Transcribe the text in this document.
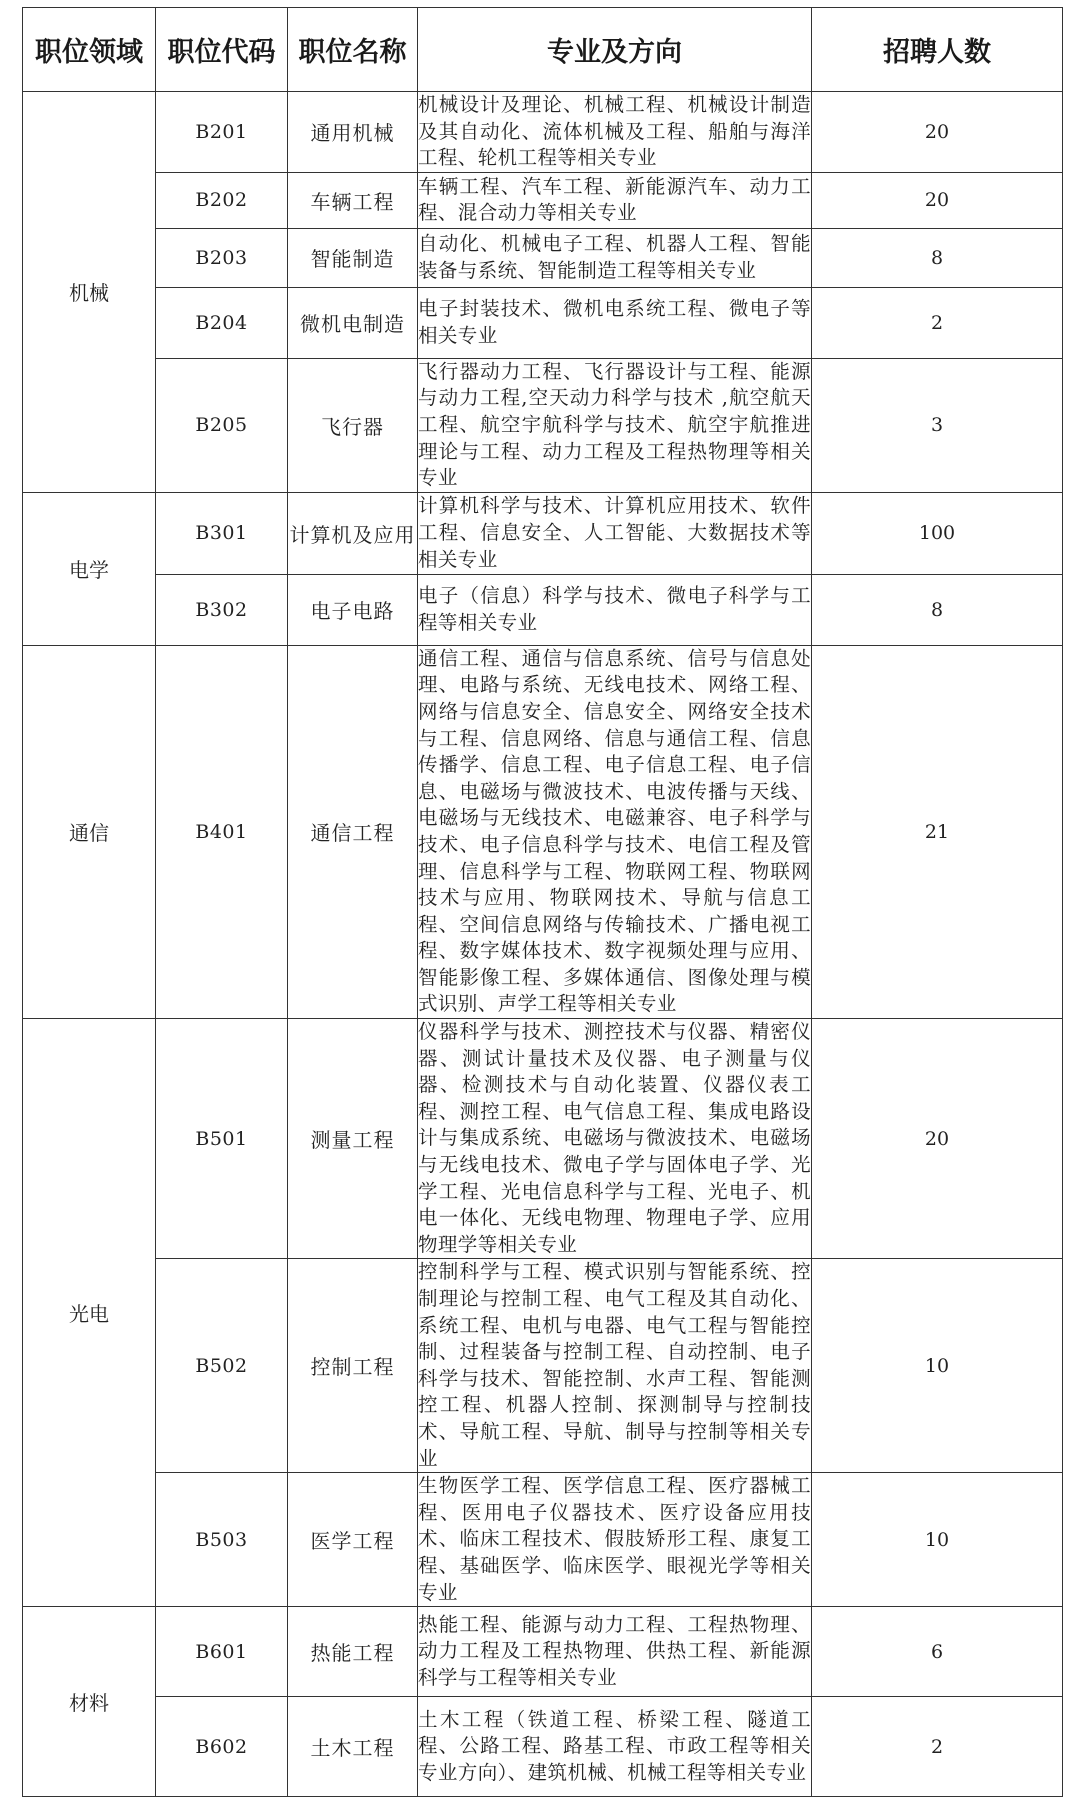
职位领域	职位代码	职位名称	专业及方向	招聘人数
机械	B201	通用机械	机械设计及理论、机械工程、机械设计制造及其自动化、流体机械及工程、船舶与海洋工程、轮机工程等相关专业	20
	B202	车辆工程	车辆工程、汽车工程、新能源汽车、动力工程、混合动力等相关专业	20
	B203	智能制造	自动化、机械电子工程、机器人工程、智能装备与系统、智能制造工程等相关专业	8
	B204	微机电制造	电子封装技术、微机电系统工程、微电子等相关专业	2
	B205	飞行器	飞行器动力工程、飞行器设计与工程、能源与动力工程,空天动力科学与技术 ,航空航天工程、航空宇航科学与技术、航空宇航推进理论与工程、动力工程及工程热物理等相关专业	3
电学	B301	计算机及应用	计算机科学与技术、计算机应用技术、软件工程、信息安全、人工智能、大数据技术等相关专业	100
	B302	电子电路	电子（信息）科学与技术、微电子科学与工程等相关专业	8
通信	B401	通信工程	通信工程、通信与信息系统、信号与信息处理、电路与系统、无线电技术、网络工程、网络与信息安全、信息安全、网络安全技术与工程、信息网络、信息与通信工程、信息传播学、信息工程、电子信息工程、电子信息、电磁场与微波技术、电波传播与天线、电磁场与无线技术、电磁兼容、电子科学与技术、电子信息科学与技术、电信工程及管理、信息科学与工程、物联网工程、物联网技术与应用、物联网技术、导航与信息工程、空间信息网络与传输技术、广播电视工程、数字媒体技术、数字视频处理与应用、智能影像工程、多媒体通信、图像处理与模式识别、声学工程等相关专业	21
光电	B501	测量工程	仪器科学与技术、测控技术与仪器、精密仪器、测试计量技术及仪器、电子测量与仪器、检测技术与自动化装置、仪器仪表工程、测控工程、电气信息工程、集成电路设计与集成系统、电磁场与微波技术、电磁场与无线电技术、微电子学与固体电子学、光学工程、光电信息科学与工程、光电子、机电一体化、无线电物理、物理电子学、应用物理学等相关专业	20
	B502	控制工程	控制科学与工程、模式识别与智能系统、控制理论与控制工程、电气工程及其自动化、系统工程、电机与电器、电气工程与智能控制、过程装备与控制工程、自动控制、电子科学与技术、智能控制、水声工程、智能测控工程、机器人控制、探测制导与控制技术、导航工程、导航、制导与控制等相关专业	10
	B503	医学工程	生物医学工程、医学信息工程、医疗器械工程、医用电子仪器技术、医疗设备应用技术、临床工程技术、假肢矫形工程、康复工程、基础医学、临床医学、眼视光学等相关专业	10
材料	B601	热能工程	热能工程、能源与动力工程、工程热物理、动力工程及工程热物理、供热工程、新能源科学与工程等相关专业	6
	B602	土木工程	土木工程（铁道工程、桥梁工程、隧道工程、公路工程、路基工程、市政工程等相关专业方向）、建筑机械、机械工程等相关专业	2
